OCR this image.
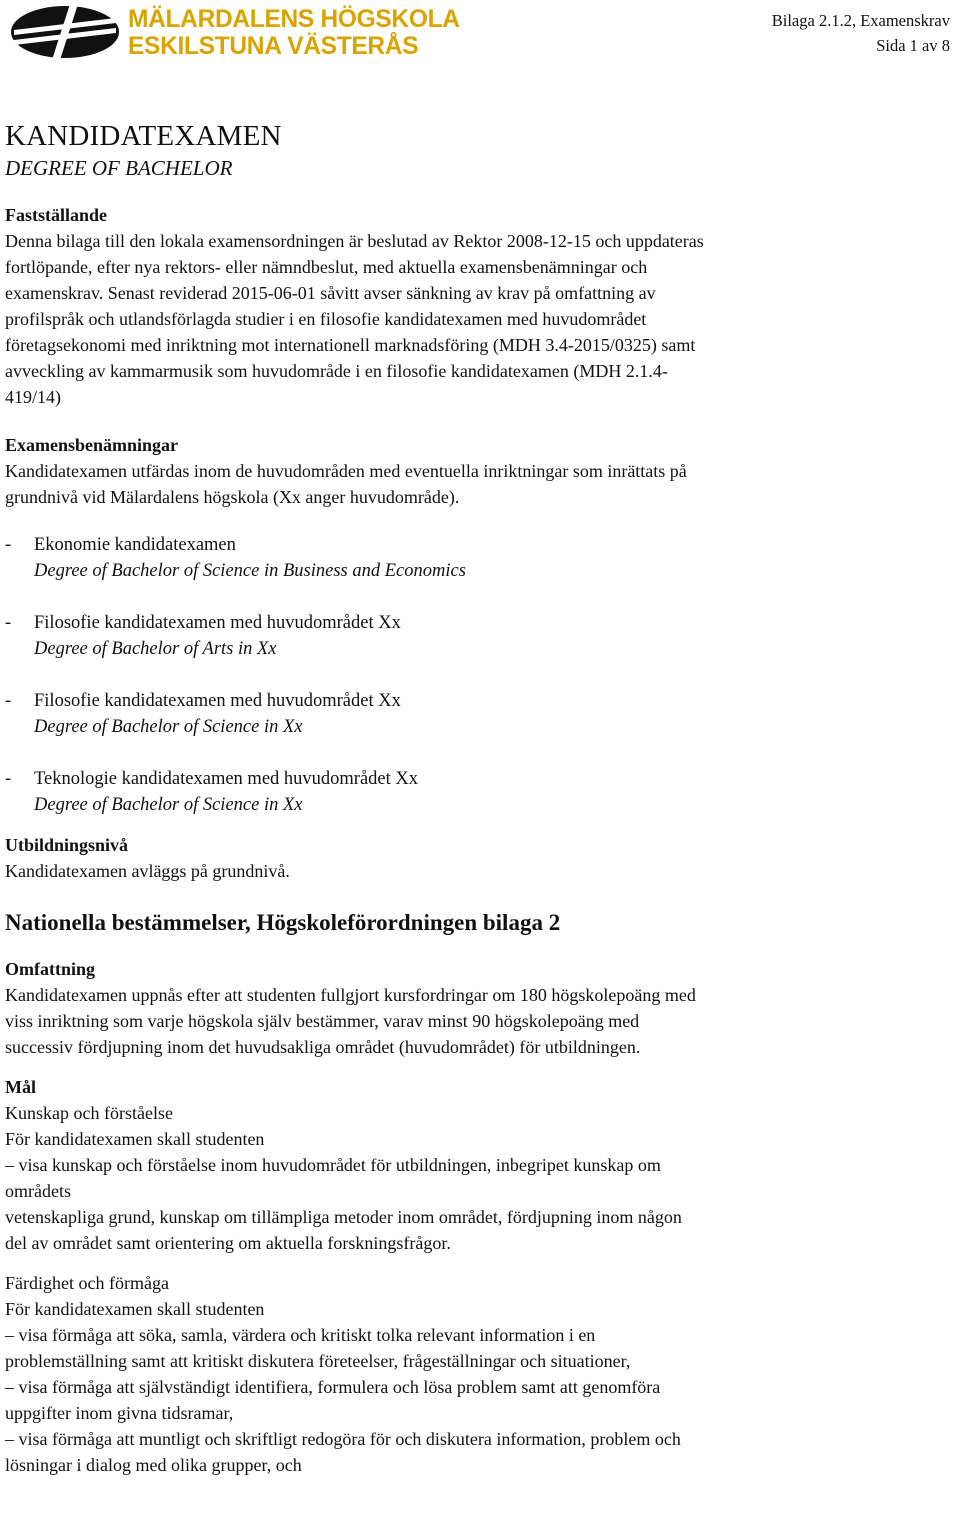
MÄLARDALENS HÖGSKOLA
ESKILSTUNA VÄSTERÅS
Bilaga 2.1.2, Examenskrav
Sida 1 av 8
KANDIDATEXAMEN
DEGREE OF BACHELOR
Fastställande
Denna bilaga till den lokala examensordningen är beslutad av Rektor 2008-12-15 och uppdateras
fortlöpande, efter nya rektors- eller nämndbeslut, med aktuella examensbenämningar och
examenskrav. Senast reviderad 2015-06-01 såvitt avser sänkning av krav på omfattning av
profilspråk och utlandsförlagda studier i en filosofie kandidatexamen med huvudområdet
företagsekonomi med inriktning mot internationell marknadsföring (MDH 3.4-2015/0325) samt
avveckling av kammarmusik som huvudområde i en filosofie kandidatexamen (MDH 2.1.4-
419/14)
Examensbenämningar
Kandidatexamen utfärdas inom de huvudområden med eventuella inriktningar som inrättats på
grundnivå vid Mälardalens högskola (Xx anger huvudområde).
-	Ekonomie kandidatexamen
Degree of Bachelor of Science in Business and Economics
-	Filosofie kandidatexamen med huvudområdet Xx
Degree of Bachelor of Arts in Xx
-	Filosofie kandidatexamen med huvudområdet Xx
Degree of Bachelor of Science in Xx
-	Teknologie kandidatexamen med huvudområdet Xx
Degree of Bachelor of Science in Xx
Utbildningsnivå
Kandidatexamen avläggs på grundnivå.
Nationella bestämmelser, Högskoleförordningen bilaga 2
Omfattning
Kandidatexamen uppnås efter att studenten fullgjort kursfordringar om 180 högskolepoäng med
viss inriktning som varje högskola själv bestämmer, varav minst 90 högskolepoäng med
successiv fördjupning inom det huvudsakliga området (huvudområdet) för utbildningen.
Mål
Kunskap och förståelse
För kandidatexamen skall studenten
– visa kunskap och förståelse inom huvudområdet för utbildningen, inbegripet kunskap om
områdets
vetenskapliga grund, kunskap om tillämpliga metoder inom området, fördjupning inom någon
del av området samt orientering om aktuella forskningsfrågor.
Färdighet och förmåga
För kandidatexamen skall studenten
– visa förmåga att söka, samla, värdera och kritiskt tolka relevant information i en
problemställning samt att kritiskt diskutera företeelser, frågeställningar och situationer,
– visa förmåga att självständigt identifiera, formulera och lösa problem samt att genomföra
uppgifter inom givna tidsramar,
– visa förmåga att muntligt och skriftligt redogöra för och diskutera information, problem och
lösningar i dialog med olika grupper, och
